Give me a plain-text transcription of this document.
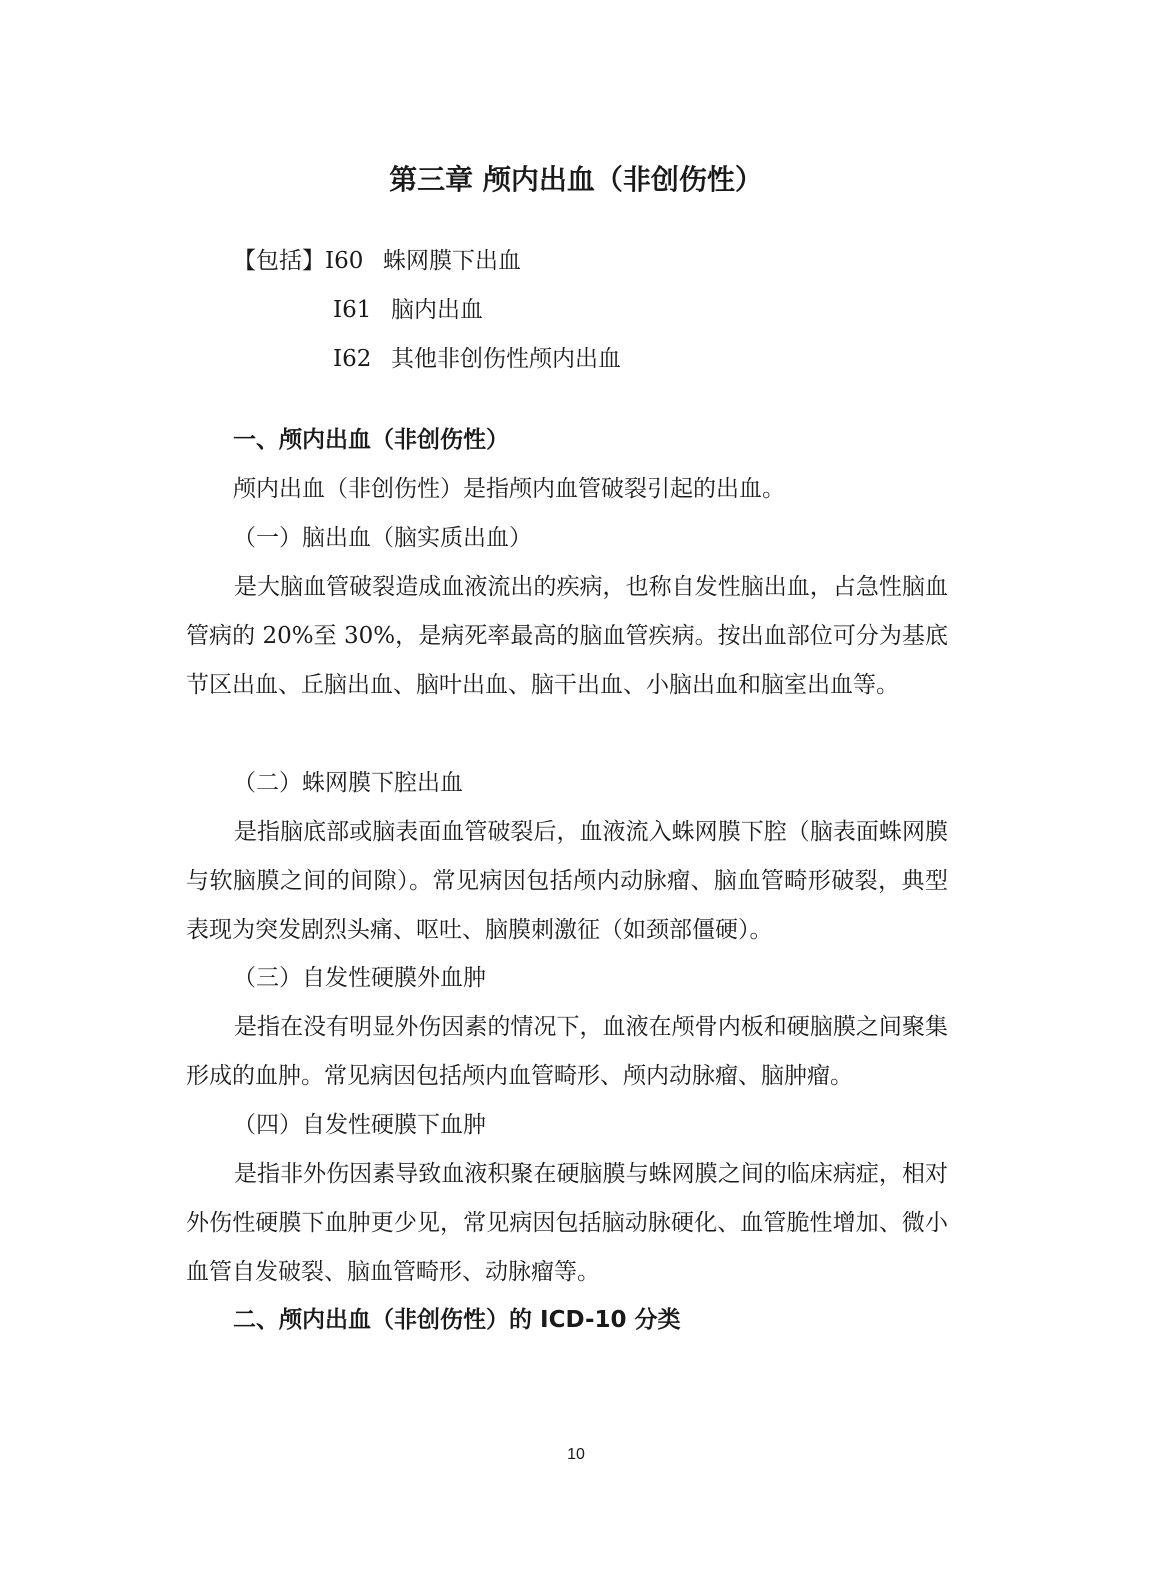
第三章 颅内出血（非创伤性）
【包括】I60 蛛网膜下出血
I61 脑内出血
I62 其他非创伤性颅内出血
一、颅内出血（非创伤性）
颅内出血（非创伤性）是指颅内血管破裂引起的出血。
（一）脑出血（脑实质出血）

是大脑血管破裂造成血液流出的疾病，也称自发性脑出血，占急性脑血管病的 20%至 30%，是病死率最高的脑血管疾病。按出血部位可分为基底节区出血、丘脑出血、脑叶出血、脑干出血、小脑出血和脑室出血等。

（二）蛛网膜下腔出血

是指脑底部或脑表面血管破裂后，血液流入蛛网膜下腔（脑表面蛛网膜与软脑膜之间的间隙）。常见病因包括颅内动脉瘤、脑血管畸形破裂，典型表现为突发剧烈头痛、呕吐、脑膜刺激征（如颈部僵硬）。

（三）自发性硬膜外血肿

是指在没有明显外伤因素的情况下，血液在颅骨内板和硬脑膜之间聚集形成的血肿。常见病因包括颅内血管畸形、颅内动脉瘤、脑肿瘤。

（四）自发性硬膜下血肿

是指非外伤因素导致血液积聚在硬脑膜与蛛网膜之间的临床病症，相对外伤性硬膜下血肿更少见，常见病因包括脑动脉硬化、血管脆性增加、微小血管自发破裂、脑血管畸形、动脉瘤等。

二、颅内出血（非创伤性）的 ICD-10 分类
10
